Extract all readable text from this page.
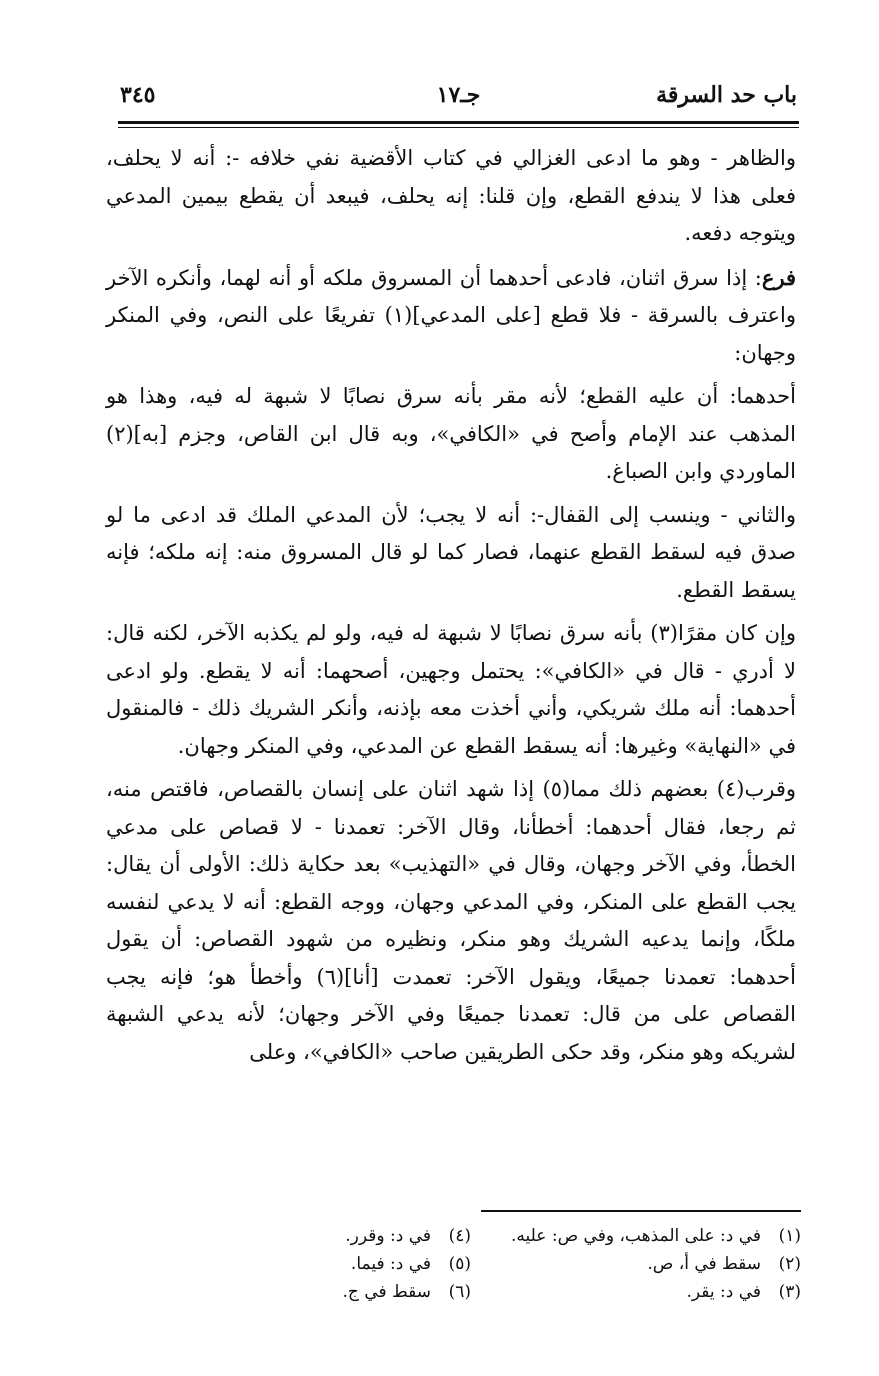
باب حد السرقة
جـ١٧
٣٤٥

والظاهر - وهو ما ادعى الغزالي في كتاب الأقضية نفي خلافه -: أنه لا يحلف، فعلى هذا لا يندفع القطع، وإن قلنا: إنه يحلف، فيبعد أن يقطع بيمين المدعي ويتوجه دفعه.

فرع: إذا سرق اثنان، فادعى أحدهما أن المسروق ملكه أو أنه لهما، وأنكره الآخر واعترف بالسرقة - فلا قطع [على المدعي](١) تفريعًا على النص، وفي المنكر وجهان:

أحدهما: أن عليه القطع؛ لأنه مقر بأنه سرق نصابًا لا شبهة له فيه، وهذا هو المذهب عند الإمام وأصح في «الكافي»، وبه قال ابن القاص، وجزم [به](٢) الماوردي وابن الصباغ.

والثاني - وينسب إلى القفال-: أنه لا يجب؛ لأن المدعي الملك قد ادعى ما لو صدق فيه لسقط القطع عنهما، فصار كما لو قال المسروق منه: إنه ملكه؛ فإنه يسقط القطع.

وإن كان مقرًا(٣) بأنه سرق نصابًا لا شبهة له فيه، ولو لم يكذبه الآخر، لكنه قال: لا أدري - قال في «الكافي»: يحتمل وجهين، أصحهما: أنه لا يقطع. ولو ادعى أحدهما: أنه ملك شريكي، وأني أخذت معه بإذنه، وأنكر الشريك ذلك - فالمنقول في «النهاية» وغيرها: أنه يسقط القطع عن المدعي، وفي المنكر وجهان.

وقرب(٤) بعضهم ذلك مما(٥) إذا شهد اثنان على إنسان بالقصاص، فاقتص منه، ثم رجعا، فقال أحدهما: أخطأنا، وقال الآخر: تعمدنا - لا قصاص على مدعي الخطأ، وفي الآخر وجهان، وقال في «التهذيب» بعد حكاية ذلك: الأولى أن يقال: يجب القطع على المنكر، وفي المدعي وجهان، ووجه القطع: أنه لا يدعي لنفسه ملكًا، وإنما يدعيه الشريك وهو منكر، ونظيره من شهود القصاص: أن يقول أحدهما: تعمدنا جميعًا، ويقول الآخر: تعمدت [أنا](٦) وأخطأ هو؛ فإنه يجب القصاص على من قال: تعمدنا جميعًا وفي الآخر وجهان؛ لأنه يدعي الشبهة لشريكه وهو منكر، وقد حكى الطريقين صاحب «الكافي»، وعلى

(١)في د: على المذهب، وفي ص: عليه.
(٢)سقط في أ، ص.
(٣)في د: يقر.
(٤)في د: وقرر.
(٥)في د: فيما.
(٦)سقط في ج.
